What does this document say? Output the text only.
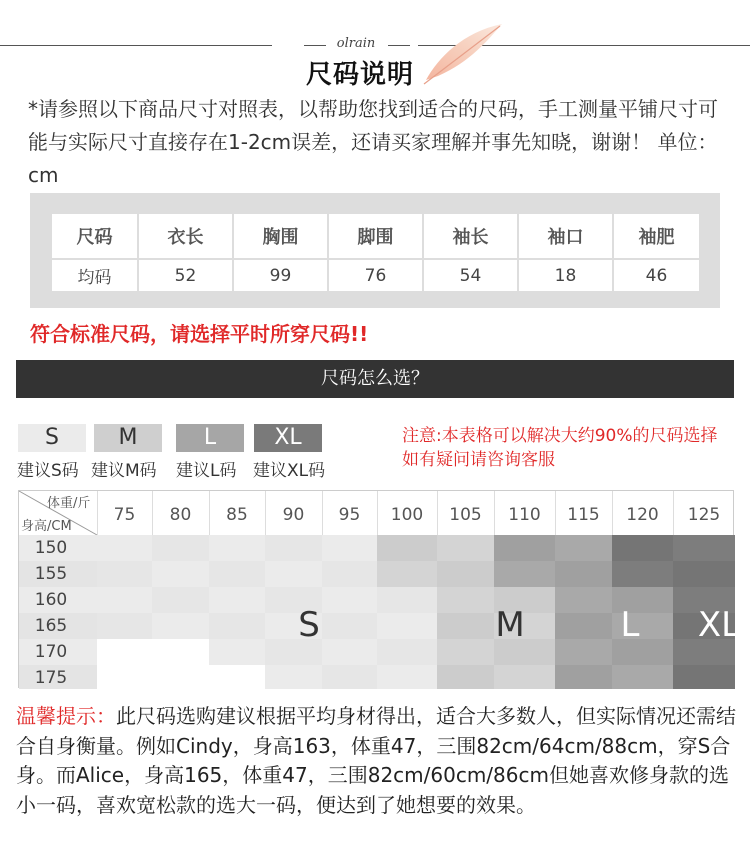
olrain
尺码说明
*请参照以下商品尺寸对照表，以帮助您找到适合的尺码，手工测量平铺尺寸可能与实际尺寸直接存在1-2cm误差，还请买家理解并事先知晓，谢谢！ 单位：cm
尺码	衣长	胸围	脚围	袖长	袖口	袖肥
均码	52	99	76	54	18	46
符合标准尺码，请选择平时所穿尺码!!
尺码怎么选？
S
建议S码
M
建议M码
L
建议L码
XL
建议XL码
注意:本表格可以解决大约90%的尺码选择
如有疑问请咨询客服
体重/斤
身高/CM
150
155
160
165
170
175
75	80	85	90	95	100	105	110	115	120	125
S	M	L	XL
温馨提示：此尺码选购建议根据平均身材得出，适合大多数人，但实际情况还需结合自身衡量。例如Cindy，身高163，体重47，三围82cm/64cm/88cm，穿S合身。而Alice，身高165，体重47，三围82cm/60cm/86cm但她喜欢修身款的选小一码，喜欢宽松款的选大一码，便达到了她想要的效果。
